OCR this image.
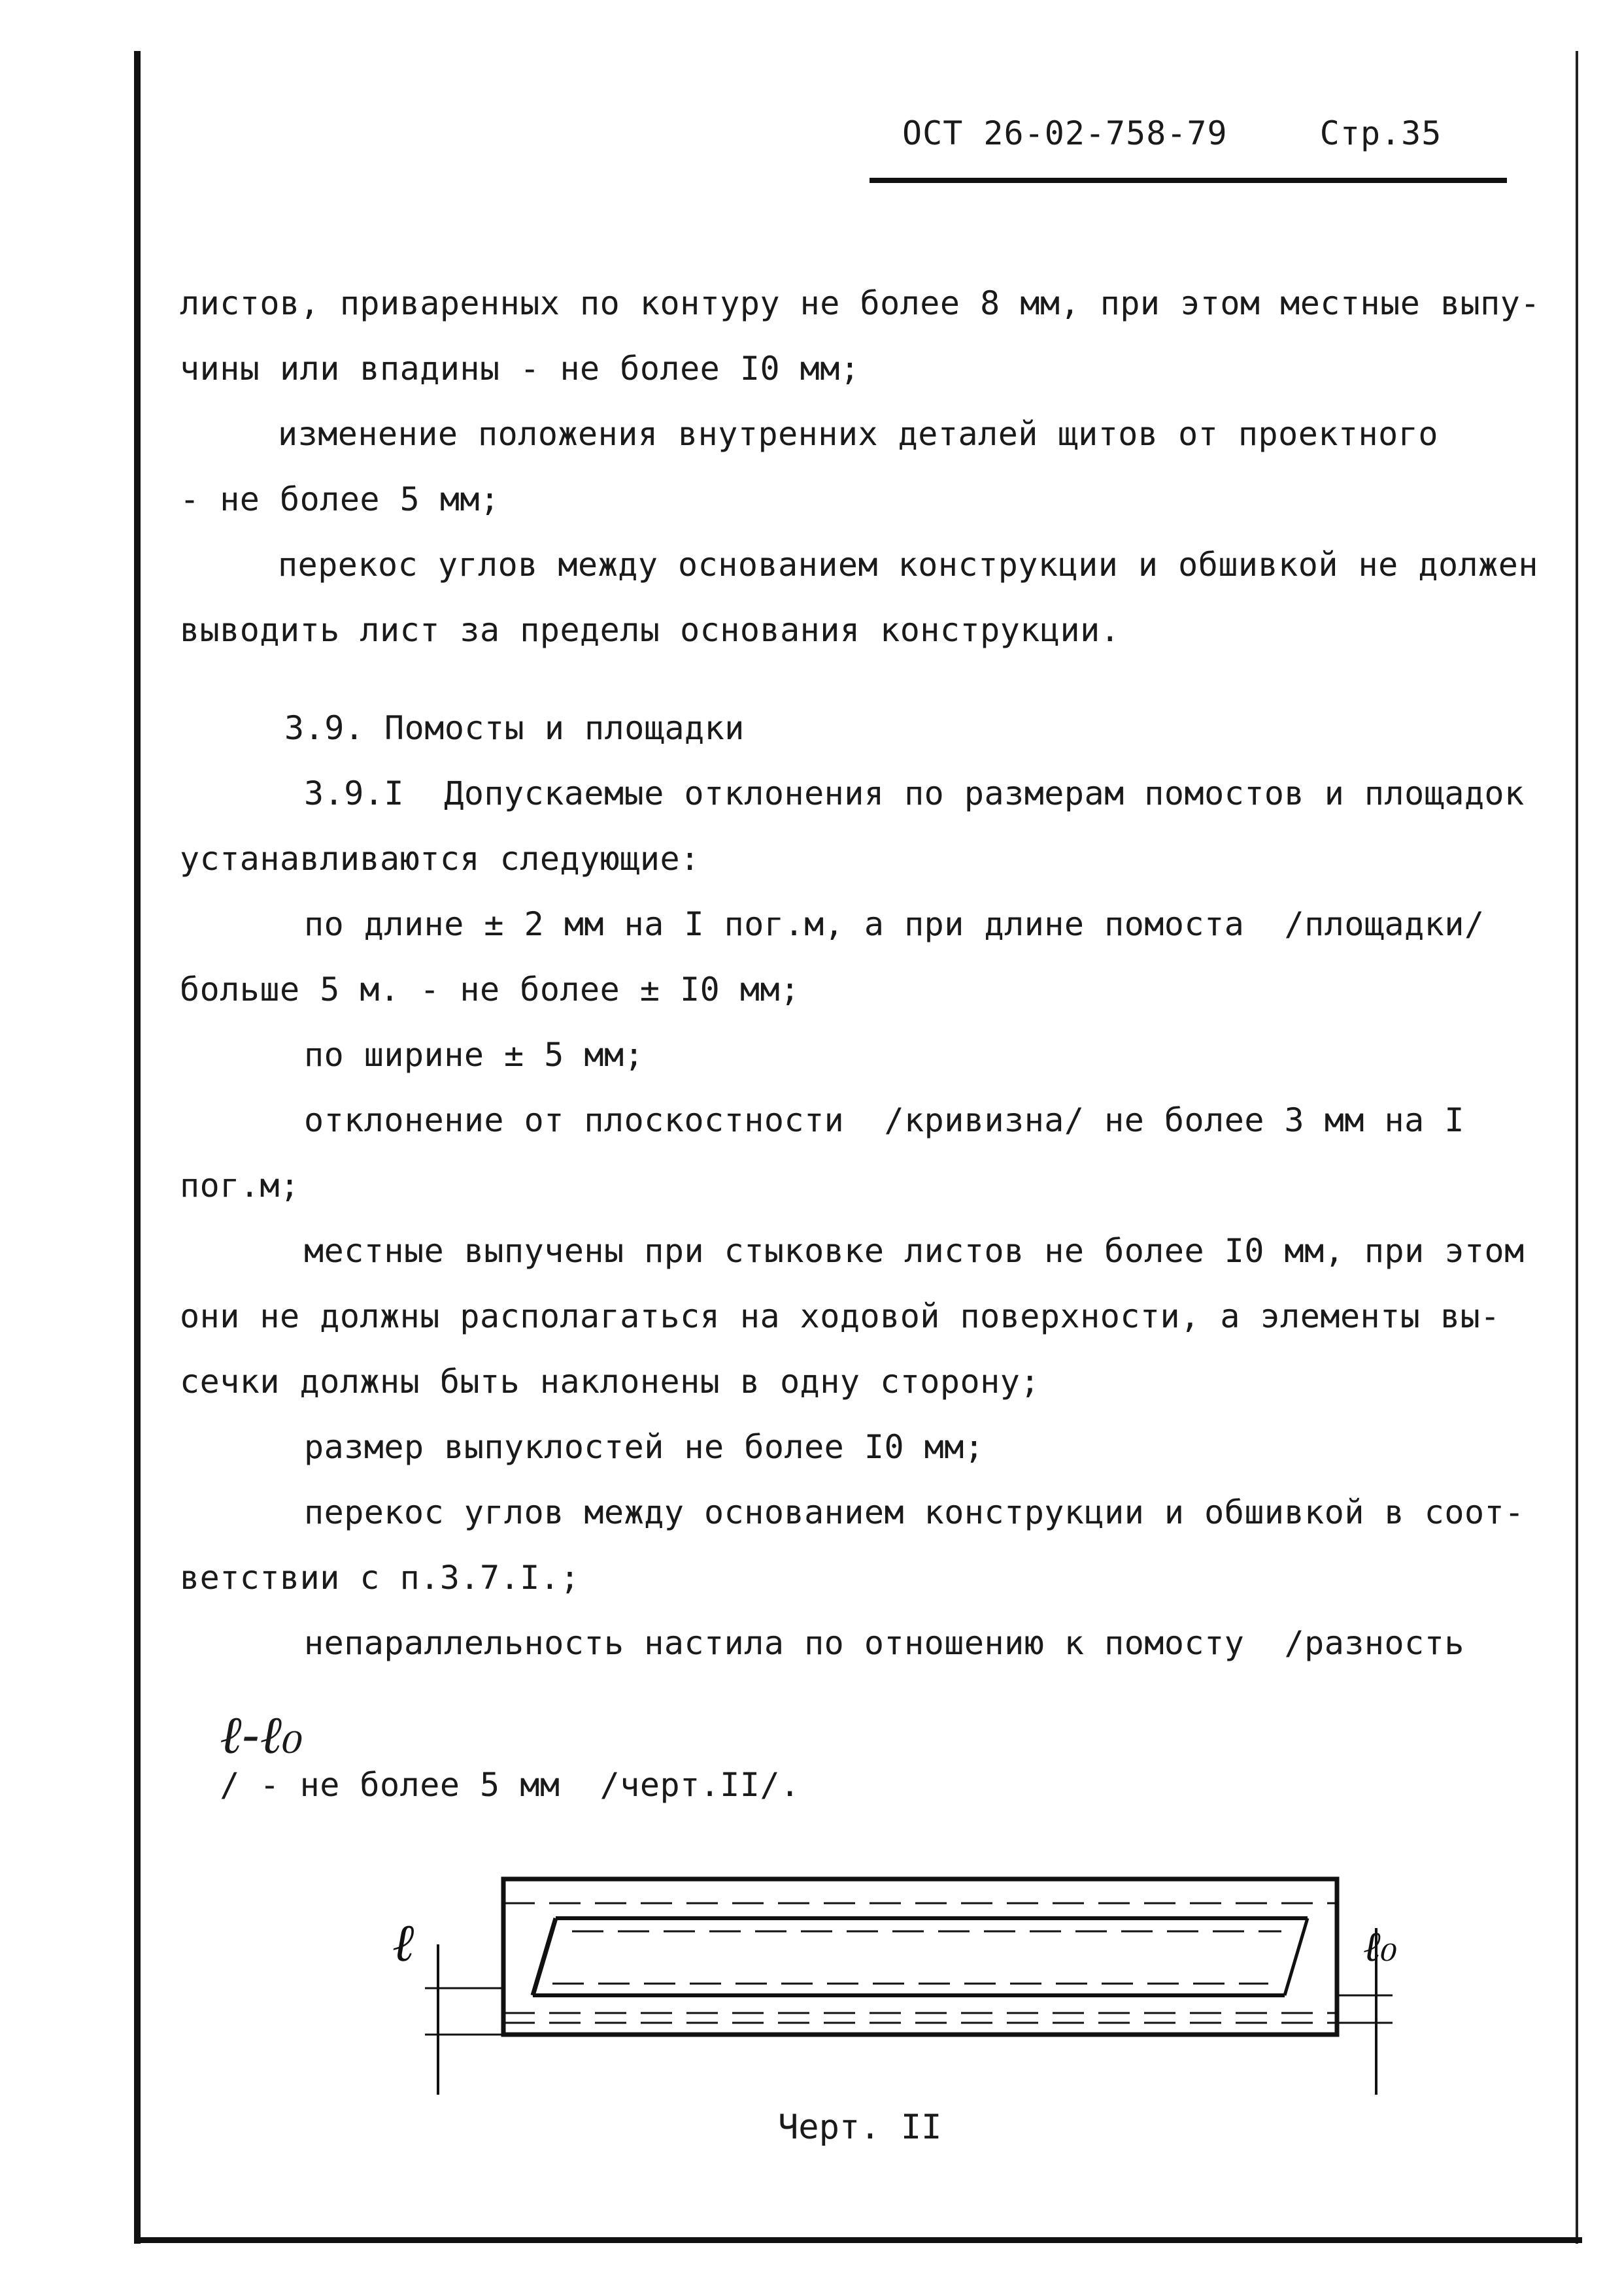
ОСТ 26-02-758-79	Стр.35
листов, приваренных по контуру не более 8 мм, при этом местные выпу-
чины или впадины - не более I0 мм;
изменение положения внутренних деталей щитов от проектного
- не более 5 мм;
перекос углов между основанием конструкции и обшивкой не должен
выводить лист за пределы основания конструкции.
3.9. Помосты и площадки
3.9.I  Допускаемые отклонения по размерам помостов и площадок
устанавливаются следующие:
по длине ± 2 мм на I пог.м, а при длине помоста  /площадки/
больше 5 м. - не более ± I0 мм;
по ширине ± 5 мм;
отклонение от плоскостности  /кривизна/ не более 3 мм на I
пог.м;
местные выпучены при стыковке листов не более I0 мм, при этом
они не должны располагаться на ходовой поверхности, а элементы вы-
сечки должны быть наклонены в одну сторону;
размер выпуклостей не более I0 мм;
перекос углов между основанием конструкции и обшивкой в соот-
ветствии с п.3.7.I.;
непараллельность настила по отношению к помосту  /разность

ℓ-ℓ₀
/ - не более 5 мм  /черт.II/.

ℓ	ℓ₀
Черт. II
